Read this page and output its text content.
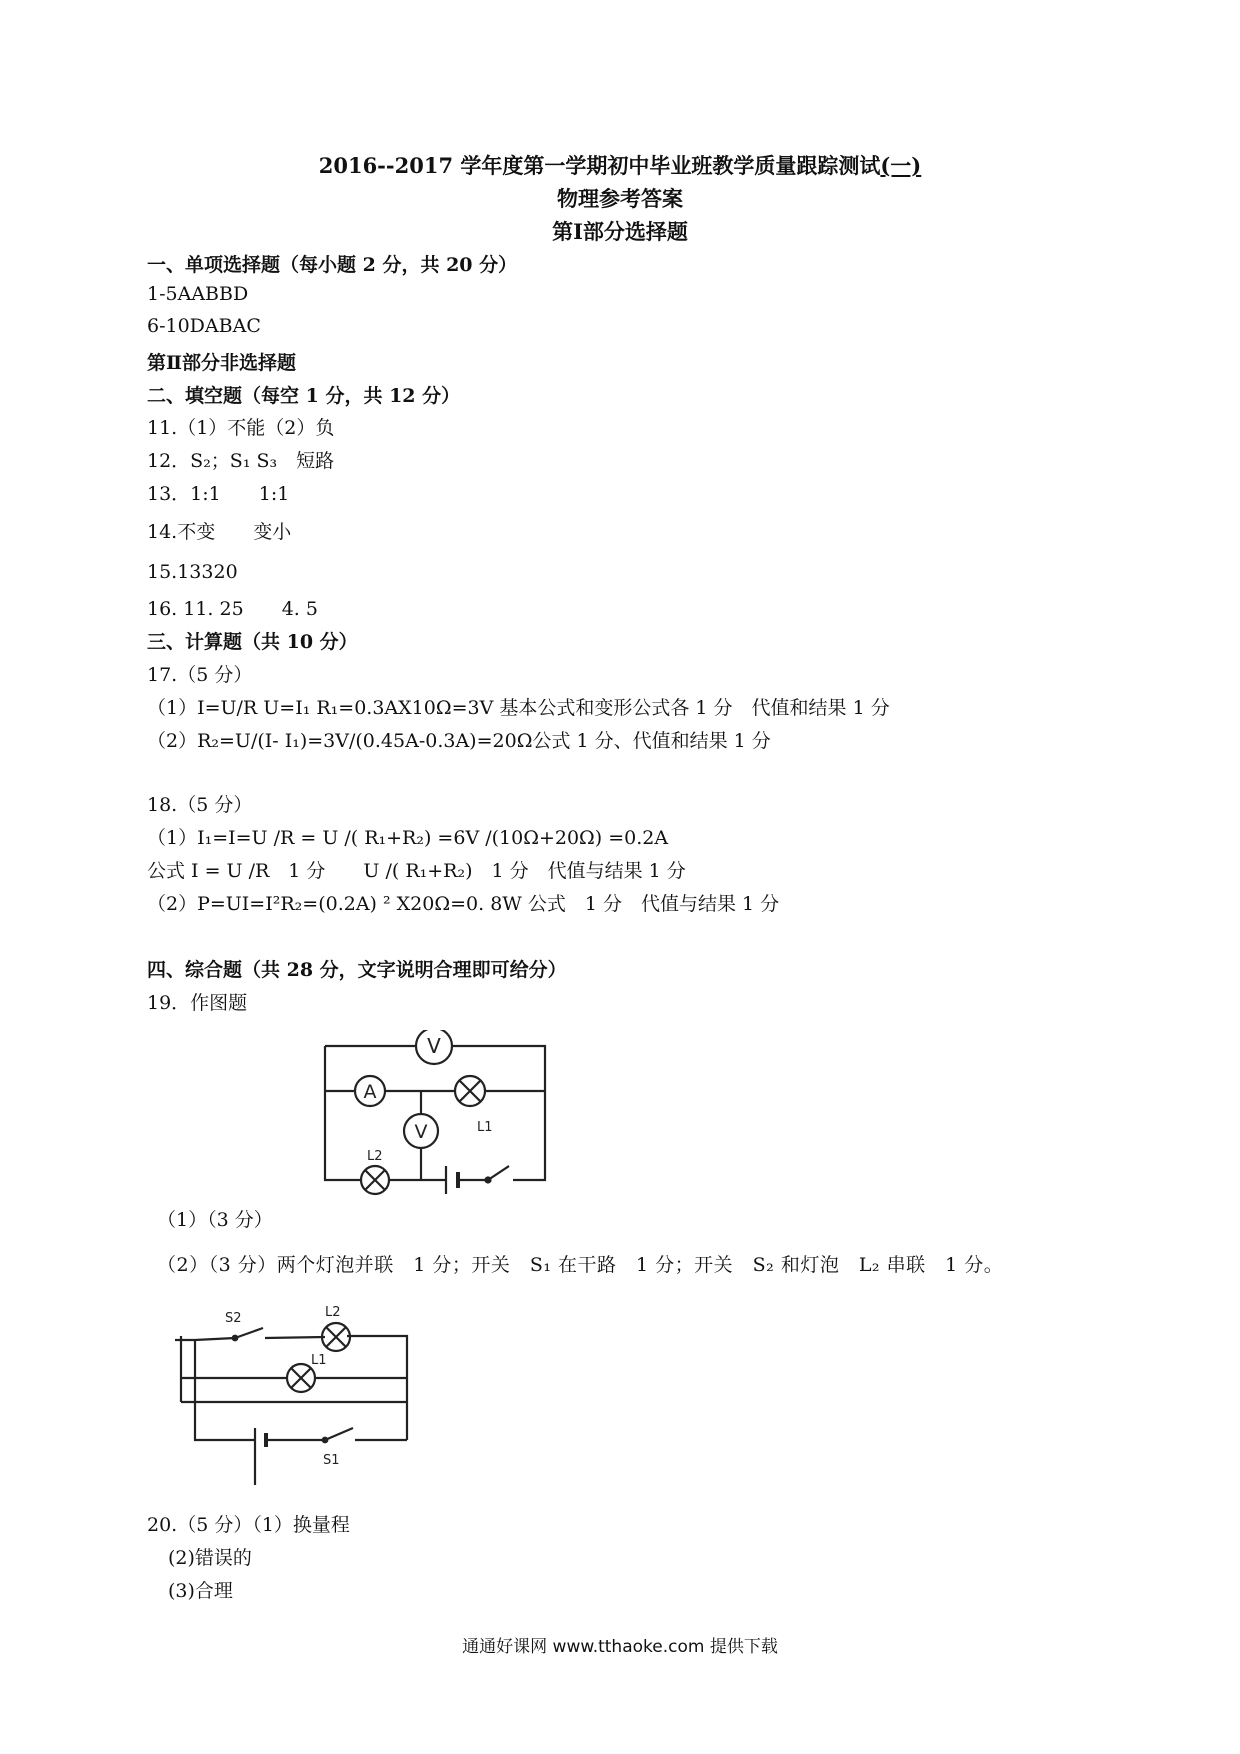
2016--2017 学年度第一学期初中毕业班教学质量跟踪测试(一)
物理参考答案
第Ⅰ部分选择题
一、单项选择题（每小题 2 分，共 20 分）
1-5AABBD
6-10DABAC
第Ⅱ部分非选择题
二、填空题（每空 1 分，共 12 分）
11.（1）不能（2）负
12．S₂；S₁ S₃　短路
13．1:1　　1:1
14.不变　　变小
15.13320
16. 11. 25　　4. 5
三、计算题（共 10 分）
17.（5 分）
（1）I=U/R U=I₁ R₁=0.3AX10Ω=3V 基本公式和变形公式各 1 分　代值和结果 1 分
（2）R₂=U/(I- I₁)=3V/(0.45A-0.3A)=20Ω公式 1 分、代值和结果 1 分
18.（5 分）
（1）I₁=I=U /R = U /( R₁+R₂) =6V /(10Ω+20Ω) =0.2A
公式 I = U /R　1 分　　U /( R₁+R₂)　1 分　代值与结果 1 分
（2）P=UI=I²R₂=(0.2A) ² X20Ω=0. 8W 公式　1 分　代值与结果 1 分
四、综合题（共 28 分，文字说明合理即可给分）
19．作图题
V
A
V	L1
L2
（1）（3 分）
（2）（3 分）两个灯泡并联　1 分；开关　S₁ 在干路　1 分；开关　S₂ 和灯泡　L₂ 串联　1 分。
S2	L2
L1
S1
20.（5 分）（1）换量程
(2)错误的
(3)合理
通通好课网 www.tthaoke.com 提供下载
